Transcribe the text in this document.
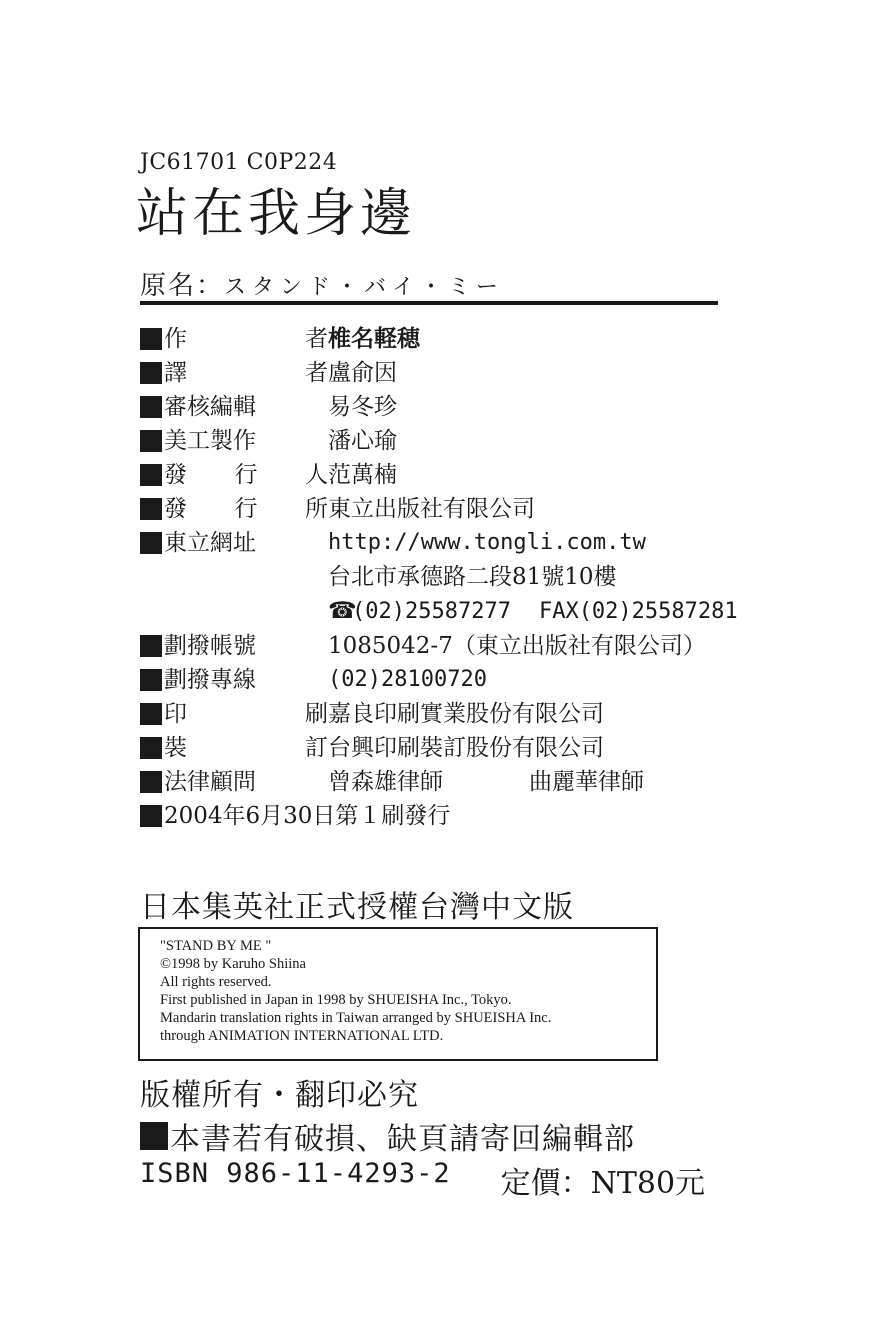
JC61701 C0P224
站在我身邊
原名：スタンド・バイ・ミー
作	者 椎名軽穂
譯	者 盧俞因
審核編輯	易冬珍
美工製作	潘心瑜
發 行 人 范萬楠
發 行 所 東立出版社有限公司
東立網址	http://www.tongli.com.tw
台北市承德路二段81號10樓
☎(02)25587277 FAX(02)25587281
劃撥帳號	1085042-7（東立出版社有限公司）
劃撥專線	(02)28100720
印	刷 嘉良印刷實業股份有限公司
裝	訂 台興印刷裝訂股份有限公司
法律顧問	曾森雄律師	曲麗華律師
2004年6月30日第１刷發行
日本集英社正式授權台灣中文版
"STAND BY ME "
©1998 by Karuho Shiina
All rights reserved.
First published in Japan in 1998 by SHUEISHA Inc., Tokyo.
Mandarin translation rights in Taiwan arranged by SHUEISHA Inc.
through ANIMATION INTERNATIONAL LTD.
版權所有・翻印必究
本書若有破損、缺頁請寄回編輯部
ISBN 986-11-4293-2 定價：NT80元
